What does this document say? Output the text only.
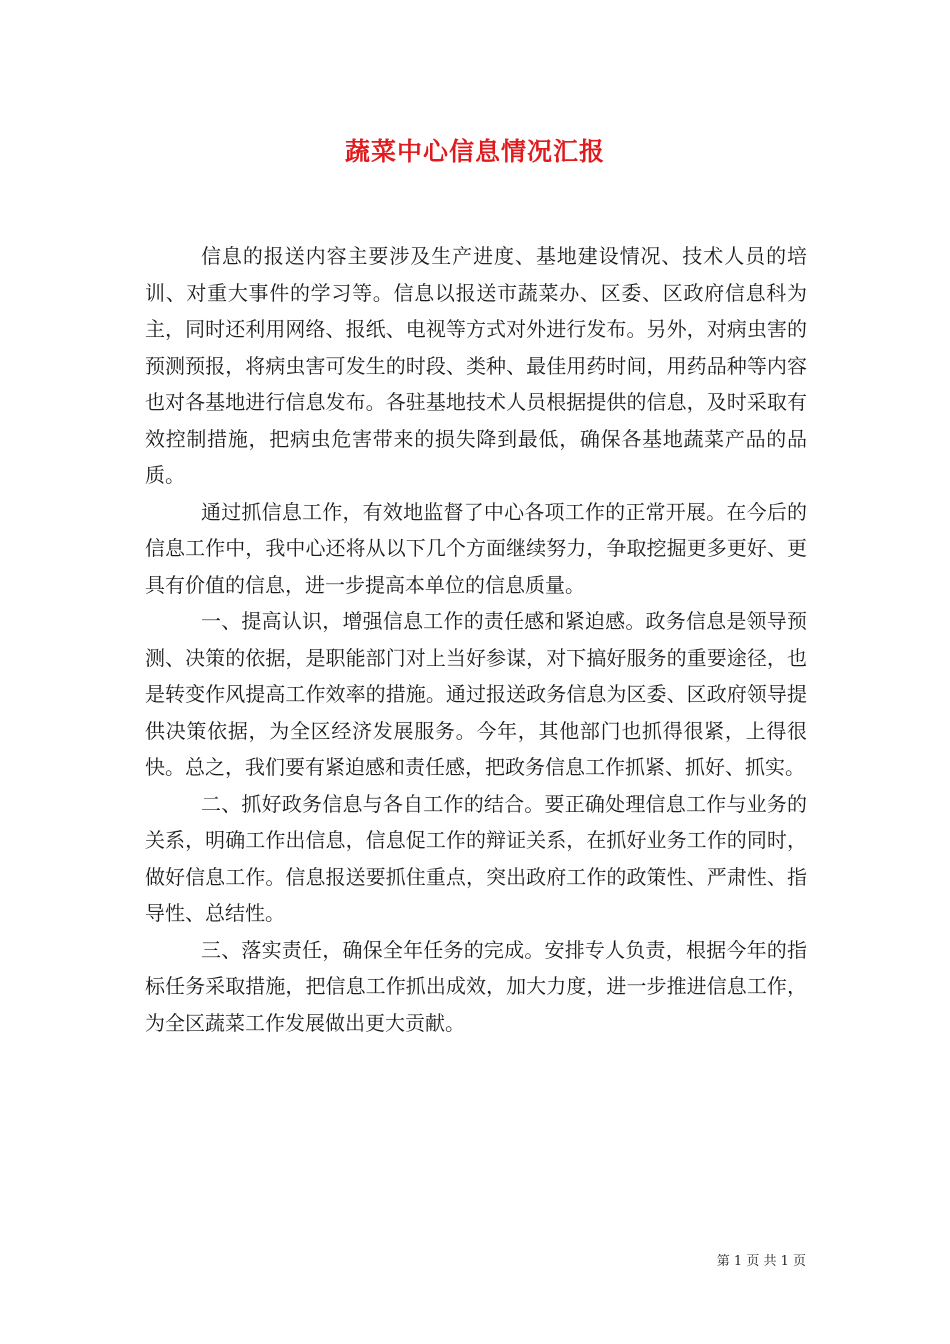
蔬菜中心信息情况汇报

信息的报送内容主要涉及生产进度、基地建设情况、技术人员的培训、对重大事件的学习等。信息以报送市蔬菜办、区委、区政府信息科为主，同时还利用网络、报纸、电视等方式对外进行发布。另外，对病虫害的预测预报，将病虫害可发生的时段、类种、最佳用药时间，用药品种等内容也对各基地进行信息发布。各驻基地技术人员根据提供的信息，及时采取有效控制措施，把病虫危害带来的损失降到最低，确保各基地蔬菜产品的品质。

通过抓信息工作，有效地监督了中心各项工作的正常开展。在今后的信息工作中，我中心还将从以下几个方面继续努力，争取挖掘更多更好、更具有价值的信息，进一步提高本单位的信息质量。

一、提高认识，增强信息工作的责任感和紧迫感。政务信息是领导预测、决策的依据，是职能部门对上当好参谋，对下搞好服务的重要途径，也是转变作风提高工作效率的措施。通过报送政务信息为区委、区政府领导提供决策依据，为全区经济发展服务。今年，其他部门也抓得很紧，上得很快。总之，我们要有紧迫感和责任感，把政务信息工作抓紧、抓好、抓实。

二、抓好政务信息与各自工作的结合。要正确处理信息工作与业务的关系，明确工作出信息，信息促工作的辩证关系，在抓好业务工作的同时，做好信息工作。信息报送要抓住重点，突出政府工作的政策性、严肃性、指导性、总结性。

三、落实责任，确保全年任务的完成。安排专人负责，根据今年的指标任务采取措施，把信息工作抓出成效，加大力度，进一步推进信息工作，为全区蔬菜工作发展做出更大贡献。

第 1 页 共 1 页
